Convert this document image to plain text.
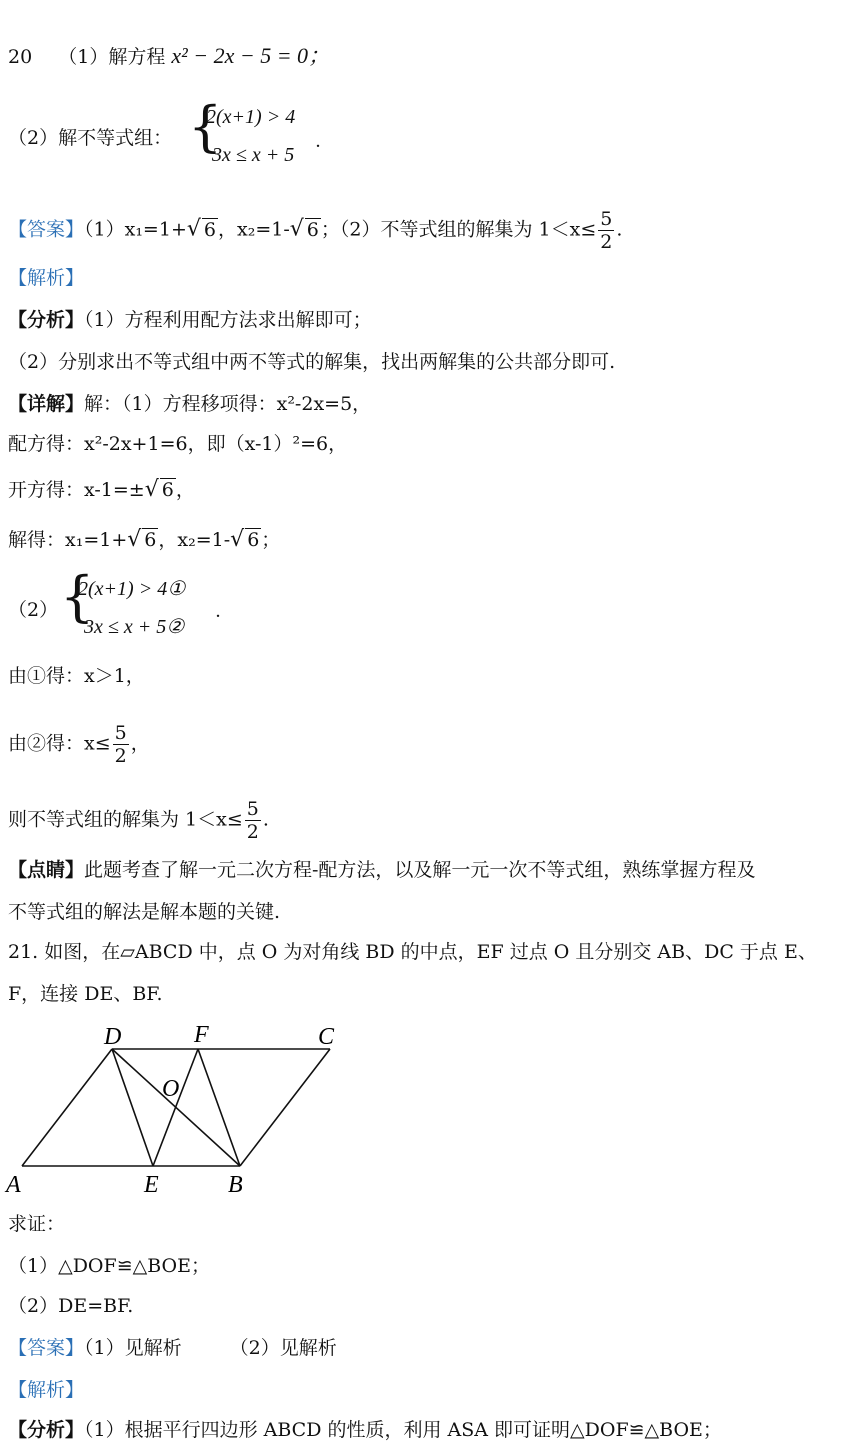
20 （1）解方程 x² − 2x − 5 = 0；
（2）解不等式组： {
2(x+1) > 4
3x ≤ x + 5
.
【答案】（1）x₁=1+√ 6 ，x₂=1-√ 6 ；（2）不等式组的解集为 $1<x\le \frac{5}{2}$ .
【解析】
【分析】（1）方程利用配方法求出解即可；
（2）分别求出不等式组中两不等式的解集，找出两解集的公共部分即可.
【详解】解：（1）方程移项得：x²-2x=5，
配方得：x²-2x+1=6，即（x-1）²=6，
开方得：x-1=±√ 6 ，
解得：x₁=1+√ 6 ，x₂=1-√ 6 ；
（2） {
2(x+1) > 4①
3x ≤ x + 5②
.
由①得：x＞1，
由②得：$x\le \frac{5}{2}$ ，
则不等式组的解集为 $1<x\le \frac{5}{2}$ .
【点睛】此题考查了解一元二次方程-配方法，以及解一元一次不等式组，熟练掌握方程及
不等式组的解法是解本题的关键.
21. 如图，在▱ABCD 中，点 O 为对角线 BD 的中点，EF 过点 O 且分别交 AB、DC 于点 E、
F，连接 DE、BF.
A	E	B
D	F	C
O
求证：
（1）△DOF≌△BOE；
（2）DE=BF.
【答案】（1）见解析	（2）见解析
【解析】
【分析】（1）根据平行四边形 ABCD 的性质，利用 ASA 即可证明△DOF≌△BOE；
